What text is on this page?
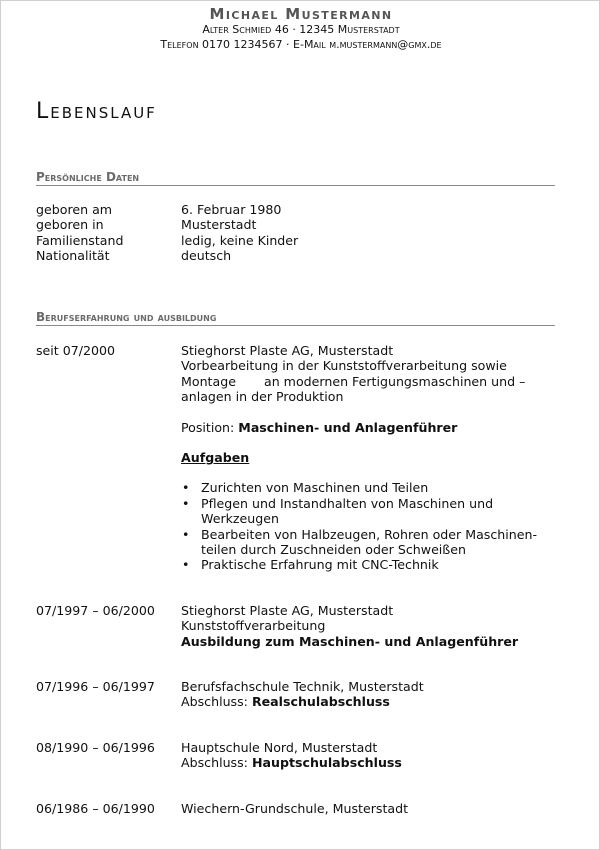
Michael Mustermann
Alter Schmied 46 · 12345 Musterstadt
Telefon 0170 1234567 · E-Mail m.mustermann@gmx.de
Lebenslauf
Persönliche Daten
geboren am	6. Februar 1980
geboren in	Musterstadt
Familienstand	ledig, keine Kinder
Nationalität	deutsch
Berufserfahrung und ausbildung
seit 07/2000	Stieghorst Plaste AG, Musterstadt
Vorbearbeitung in der Kunststoffverarbeitung sowie
Montage       an modernen Fertigungsmaschinen und –
anlagen in der Produktion
Position: Maschinen- und Anlagenführer
Aufgaben
• Zurichten von Maschinen und Teilen
• Pflegen und Instandhalten von Maschinen und Werkzeugen
• Bearbeiten von Halbzeugen, Rohren oder Maschinen-teilen durch Zuschneiden oder Schweißen
• Praktische Erfahrung mit CNC-Technik
07/1997 – 06/2000	Stieghorst Plaste AG, Musterstadt
Kunststoffverarbeitung
Ausbildung zum Maschinen- und Anlagenführer
07/1996 – 06/1997	Berufsfachschule Technik, Musterstadt
Abschluss: Realschulabschluss
08/1990 – 06/1996	Hauptschule Nord, Musterstadt
Abschluss: Hauptschulabschluss
06/1986 – 06/1990	Wiechern-Grundschule, Musterstadt
